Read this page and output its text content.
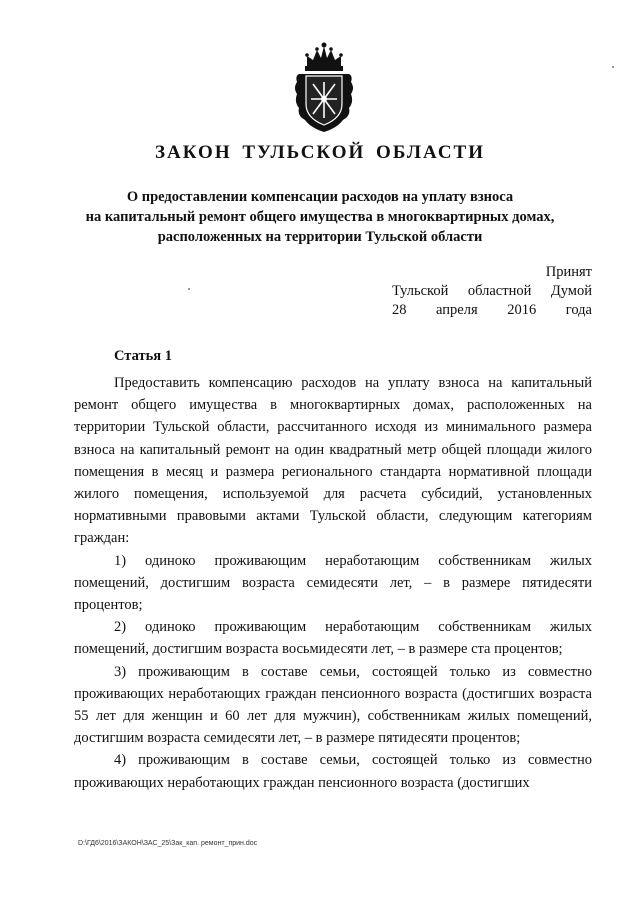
ЗАКОН ТУЛЬСКОЙ ОБЛАСТИ
О предоставлении компенсации расходов на уплату взноса
на капитальный ремонт общего имущества в многоквартирных домах,
расположенных на территории Тульской области
Принят
Тульской областной Думой
28 апреля 2016 года
Статья 1

Предоставить компенсацию расходов на уплату взноса на капитальный ремонт общего имущества в многоквартирных домах, расположенных на территории Тульской области, рассчитанного исходя из минимального размера взноса на капитальный ремонт на один квадратный метр общей площади жилого помещения в месяц и размера регионального стандарта нормативной площади жилого помещения, используемой для расчета субсидий, установленных нормативными правовыми актами Тульской области, следующим категориям граждан:

1) одиноко проживающим неработающим собственникам жилых помещений, достигшим возраста семидесяти лет, – в размере пятидесяти процентов;

2) одиноко проживающим неработающим собственникам жилых помещений, достигшим возраста восьмидесяти лет, – в размере ста процентов;

3) проживающим в составе семьи, состоящей только из совместно проживающих неработающих граждан пенсионного возраста (достигших возраста 55 лет для женщин и 60 лет для мужчин), собственникам жилых помещений, достигшим возраста семидесяти лет, – в размере пятидесяти процентов;

4) проживающим в составе семьи, состоящей только из совместно проживающих неработающих граждан пенсионного возраста (достигших

D:\ГД6\2016\ЗАКОН\ЗАС_25\Зак_кап. ремонт_прин.doc
